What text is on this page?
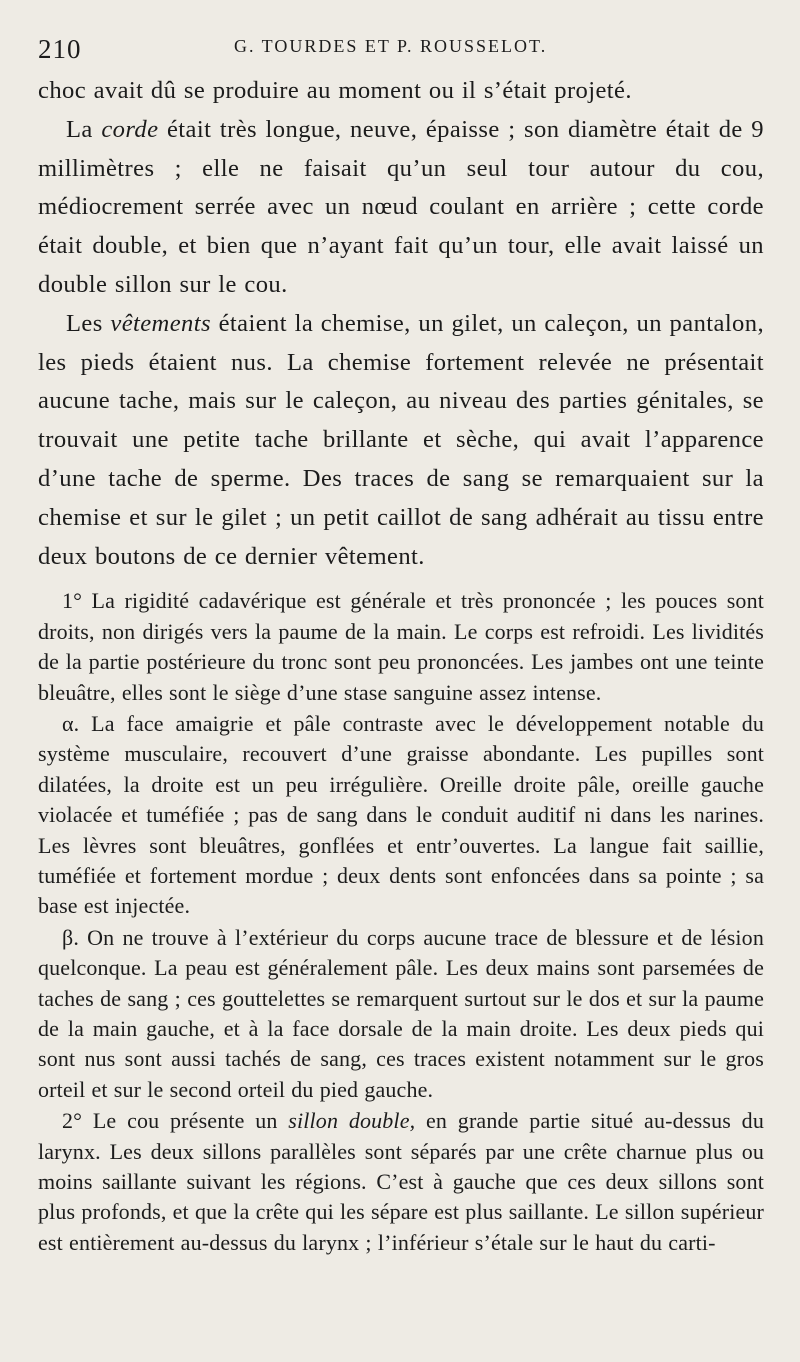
210	G. TOURDES ET P. ROUSSELOT.

choc avait dû se produire au moment ou il s’était projeté.

La corde était très longue, neuve, épaisse ; son diamètre était de 9 millimètres ; elle ne faisait qu’un seul tour autour du cou, médiocrement serrée avec un nœud coulant en arrière ; cette corde était double, et bien que n’ayant fait qu’un tour, elle avait laissé un double sillon sur le cou.

Les vêtements étaient la chemise, un gilet, un caleçon, un pantalon, les pieds étaient nus. La chemise fortement relevée ne présentait aucune tache, mais sur le caleçon, au niveau des parties génitales, se trouvait une petite tache brillante et sèche, qui avait l’apparence d’une tache de sperme. Des traces de sang se remarquaient sur la chemise et sur le gilet ; un petit caillot de sang adhérait au tissu entre deux boutons de ce dernier vêtement.

1° La rigidité cadavérique est générale et très prononcée ; les pouces sont droits, non dirigés vers la paume de la main. Le corps est refroidi. Les lividités de la partie postérieure du tronc sont peu prononcées. Les jambes ont une teinte bleuâtre, elles sont le siège d’une stase sanguine assez intense.

α. La face amaigrie et pâle contraste avec le développement notable du système musculaire, recouvert d’une graisse abondante. Les pupilles sont dilatées, la droite est un peu irrégulière. Oreille droite pâle, oreille gauche violacée et tuméfiée ; pas de sang dans le conduit auditif ni dans les narines. Les lèvres sont bleuâtres, gonflées et entr’ouvertes. La langue fait saillie, tuméfiée et fortement mordue ; deux dents sont enfoncées dans sa pointe ; sa base est injectée.

β. On ne trouve à l’extérieur du corps aucune trace de blessure et de lésion quelconque. La peau est généralement pâle. Les deux mains sont parsemées de taches de sang ; ces gouttelettes se remarquent surtout sur le dos et sur la paume de la main gauche, et à la face dorsale de la main droite. Les deux pieds qui sont nus sont aussi tachés de sang, ces traces existent notamment sur le gros orteil et sur le second orteil du pied gauche.

2° Le cou présente un sillon double, en grande partie situé au-dessus du larynx. Les deux sillons parallèles sont séparés par une crête charnue plus ou moins saillante suivant les régions. C’est à gauche que ces deux sillons sont plus profonds, et que la crête qui les sépare est plus saillante. Le sillon supérieur est entièrement au-dessus du larynx ; l’inférieur s’étale sur le haut du carti-
